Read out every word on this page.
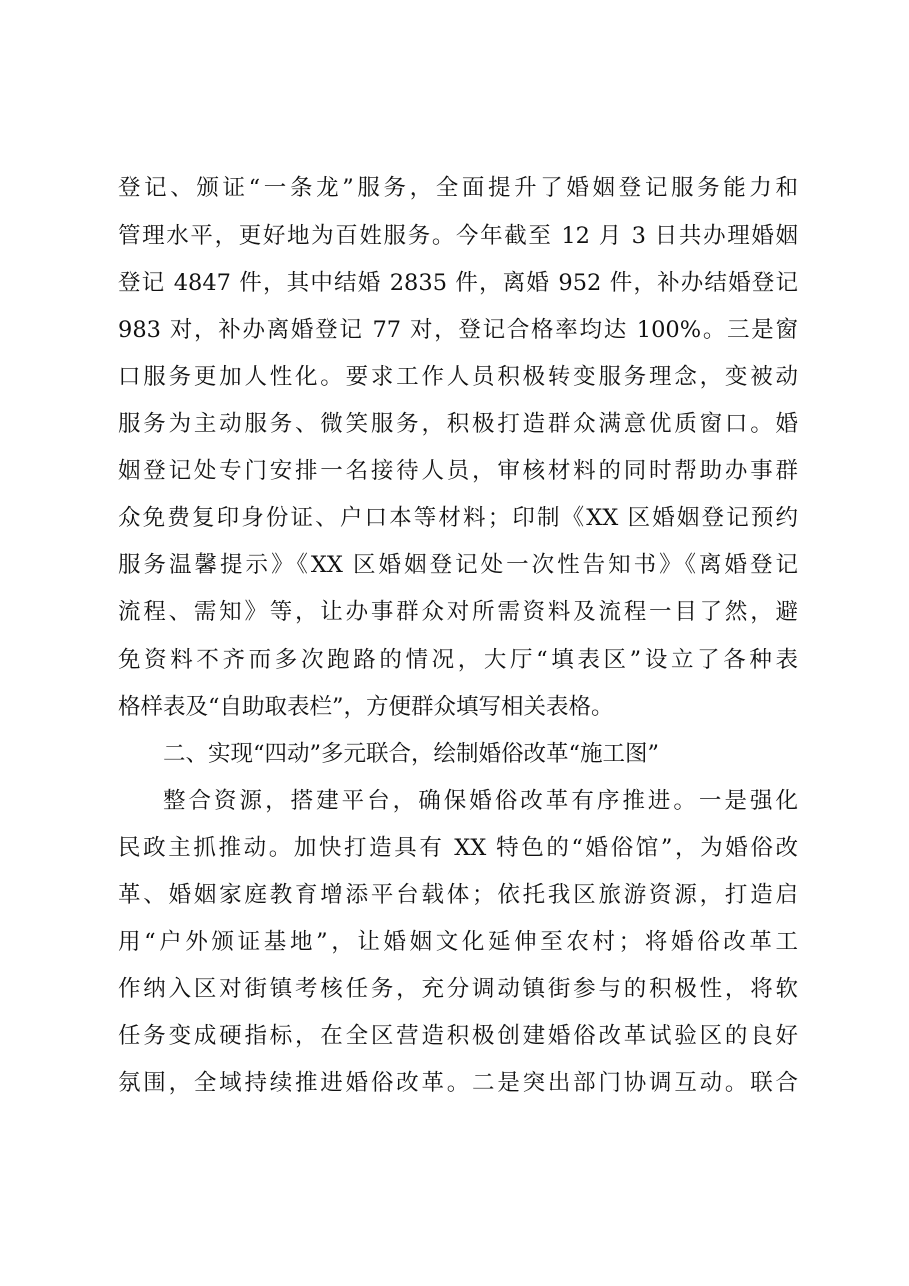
登记、颁证“一条龙”服务，全面提升了婚姻登记服务能力和
管理水平，更好地为百姓服务。今年截至 12 月 3 日共办理婚姻
登记 4847 件，其中结婚 2835 件，离婚 952 件，补办结婚登记
983 对，补办离婚登记 77 对，登记合格率均达 100%。三是窗
口服务更加人性化。要求工作人员积极转变服务理念，变被动
服务为主动服务、微笑服务，积极打造群众满意优质窗口。婚
姻登记处专门安排一名接待人员，审核材料的同时帮助办事群
众免费复印身份证、户口本等材料；印制《XX 区婚姻登记预约
服务温馨提示》《XX 区婚姻登记处一次性告知书》《离婚登记
流程、需知》等，让办事群众对所需资料及流程一目了然，避
免资料不齐而多次跑路的情况，大厅“填表区”设立了各种表
格样表及“自助取表栏”，方便群众填写相关表格。
二、实现“四动”多元联合，绘制婚俗改革“施工图”
整合资源，搭建平台，确保婚俗改革有序推进。一是强化
民政主抓推动。加快打造具有 XX 特色的“婚俗馆”，为婚俗改
革、婚姻家庭教育增添平台载体；依托我区旅游资源，打造启
用“户外颁证基地”，让婚姻文化延伸至农村；将婚俗改革工
作纳入区对街镇考核任务，充分调动镇街参与的积极性，将软
任务变成硬指标，在全区营造积极创建婚俗改革试验区的良好
氛围，全域持续推进婚俗改革。二是突出部门协调互动。联合
